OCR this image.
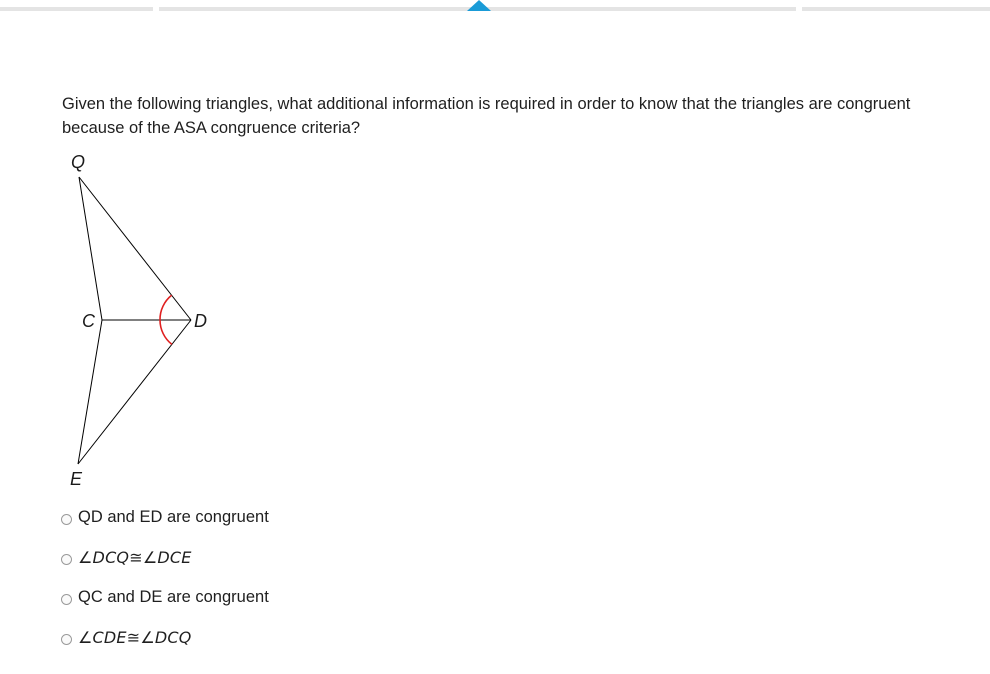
Given the following triangles, what additional information is required in order to know that the triangles are congruent because of the ASA congruence criteria?
Q
C	D
E
QD and ED are congruent
∠DCQ≅∠DCE
QC and DE are congruent
∠CDE≅∠DCQ
